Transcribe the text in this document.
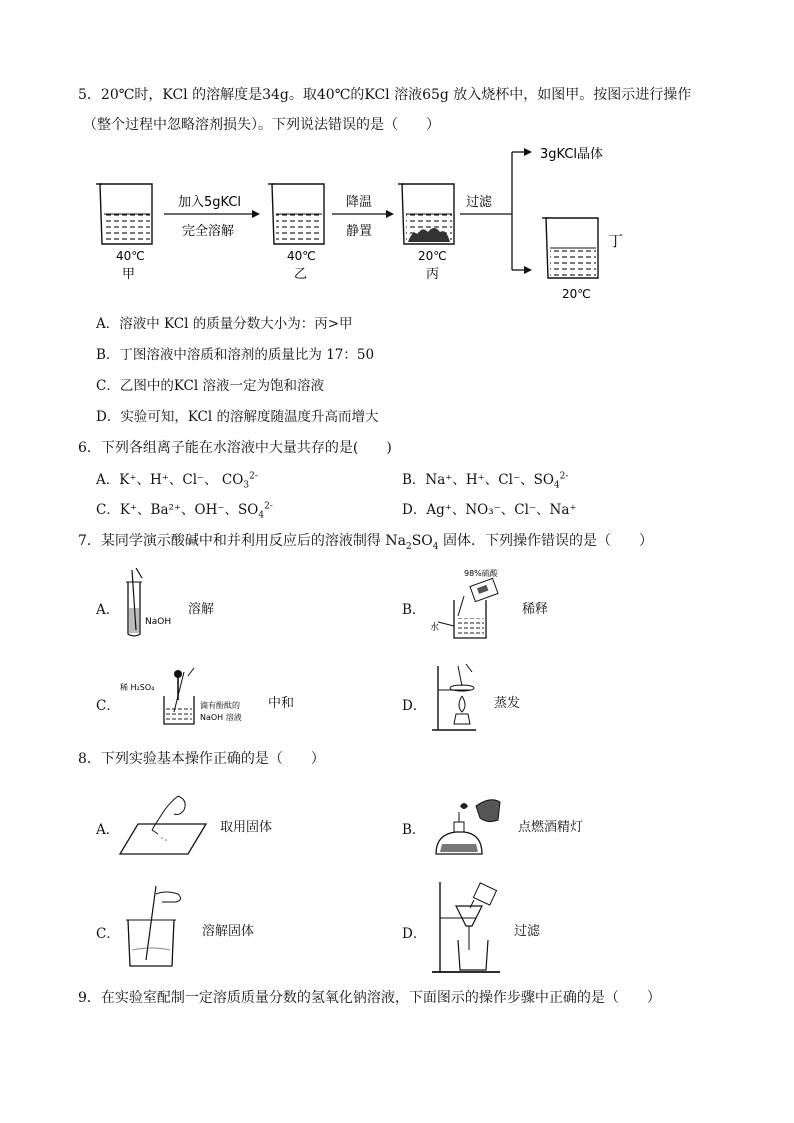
5．20℃时，KCl 的溶解度是34g。取40℃的KCl 溶液65g 放入烧杯中，如图甲。按图示进行操作
（整个过程中忽略溶剂损失）。下列说法错误的是（　　）
40℃
甲
加入5gKCl
完全溶解
40℃
乙
降温
静置
20℃
丙
过滤
3gKCl晶体
丁
20℃
A．溶液中 KCl 的质量分数大小为：丙>甲
B．丁图溶液中溶质和溶剂的质量比为 17：50
C．乙图中的KCl 溶液一定为饱和溶液
D．实验可知，KCl 的溶解度随温度升高而增大
6．下列各组离子能在水溶液中大量共存的是(　　)
A．K⁺、H⁺、Cl⁻、 $CO_3^{2-}$	B．Na⁺、H⁺、Cl⁻、$SO_4^{2-}$
C．K⁺、Ba²⁺、OH⁻、$SO_4^{2-}$	D．Ag⁺、NO₃⁻、Cl⁻、Na⁺
7．某同学演示酸碱中和并利用反应后的溶液制得 $Na_2SO_4$ 固体．下列操作错误的是（　　）
A．
NaOH
溶解	B．
98%硫酸
水
稀释
C．
稀 H₂SO₄
滴有酚酞的
NaOH 溶液
中和	D．	蒸发
8．下列实验基本操作正确的是（　　）
A．	取用固体	B．	点燃酒精灯
C．	溶解固体	D．	过滤
9．在实验室配制一定溶质质量分数的氢氧化钠溶液，下面图示的操作步骤中正确的是（　　）
